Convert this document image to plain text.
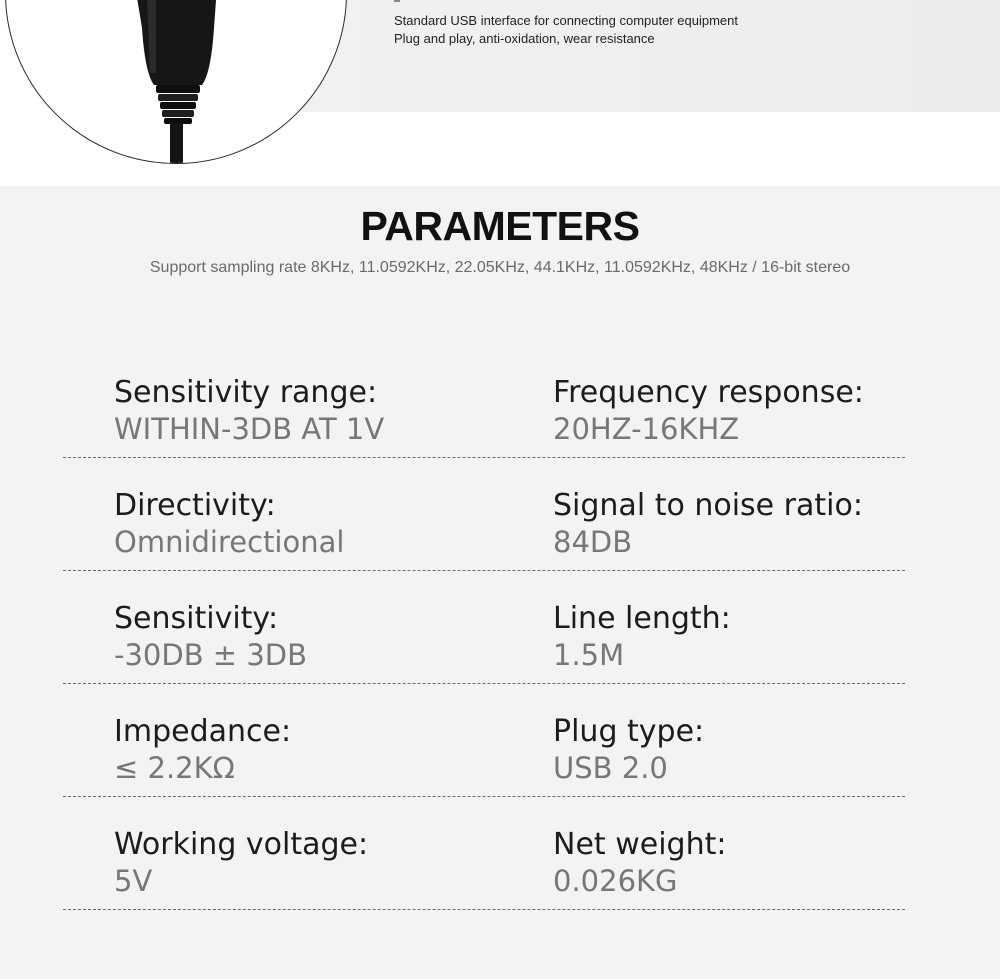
Standard USB interface for connecting computer equipment
Plug and play, anti-oxidation, wear resistance
PARAMETERS
Support sampling rate 8KHz, 11.0592KHz, 22.05KHz, 44.1KHz, 11.0592KHz, 48KHz / 16-bit stereo
Sensitivity range:
WITHIN-3DB AT 1V
Frequency response:
20HZ-16KHZ
Directivity:
Omnidirectional
Signal to noise ratio:
84DB
Sensitivity:
-30DB ± 3DB
Line length:
1.5M
Impedance:
≤ 2.2KΩ
Plug type:
USB 2.0
Working voltage:
5V
Net weight:
0.026KG
